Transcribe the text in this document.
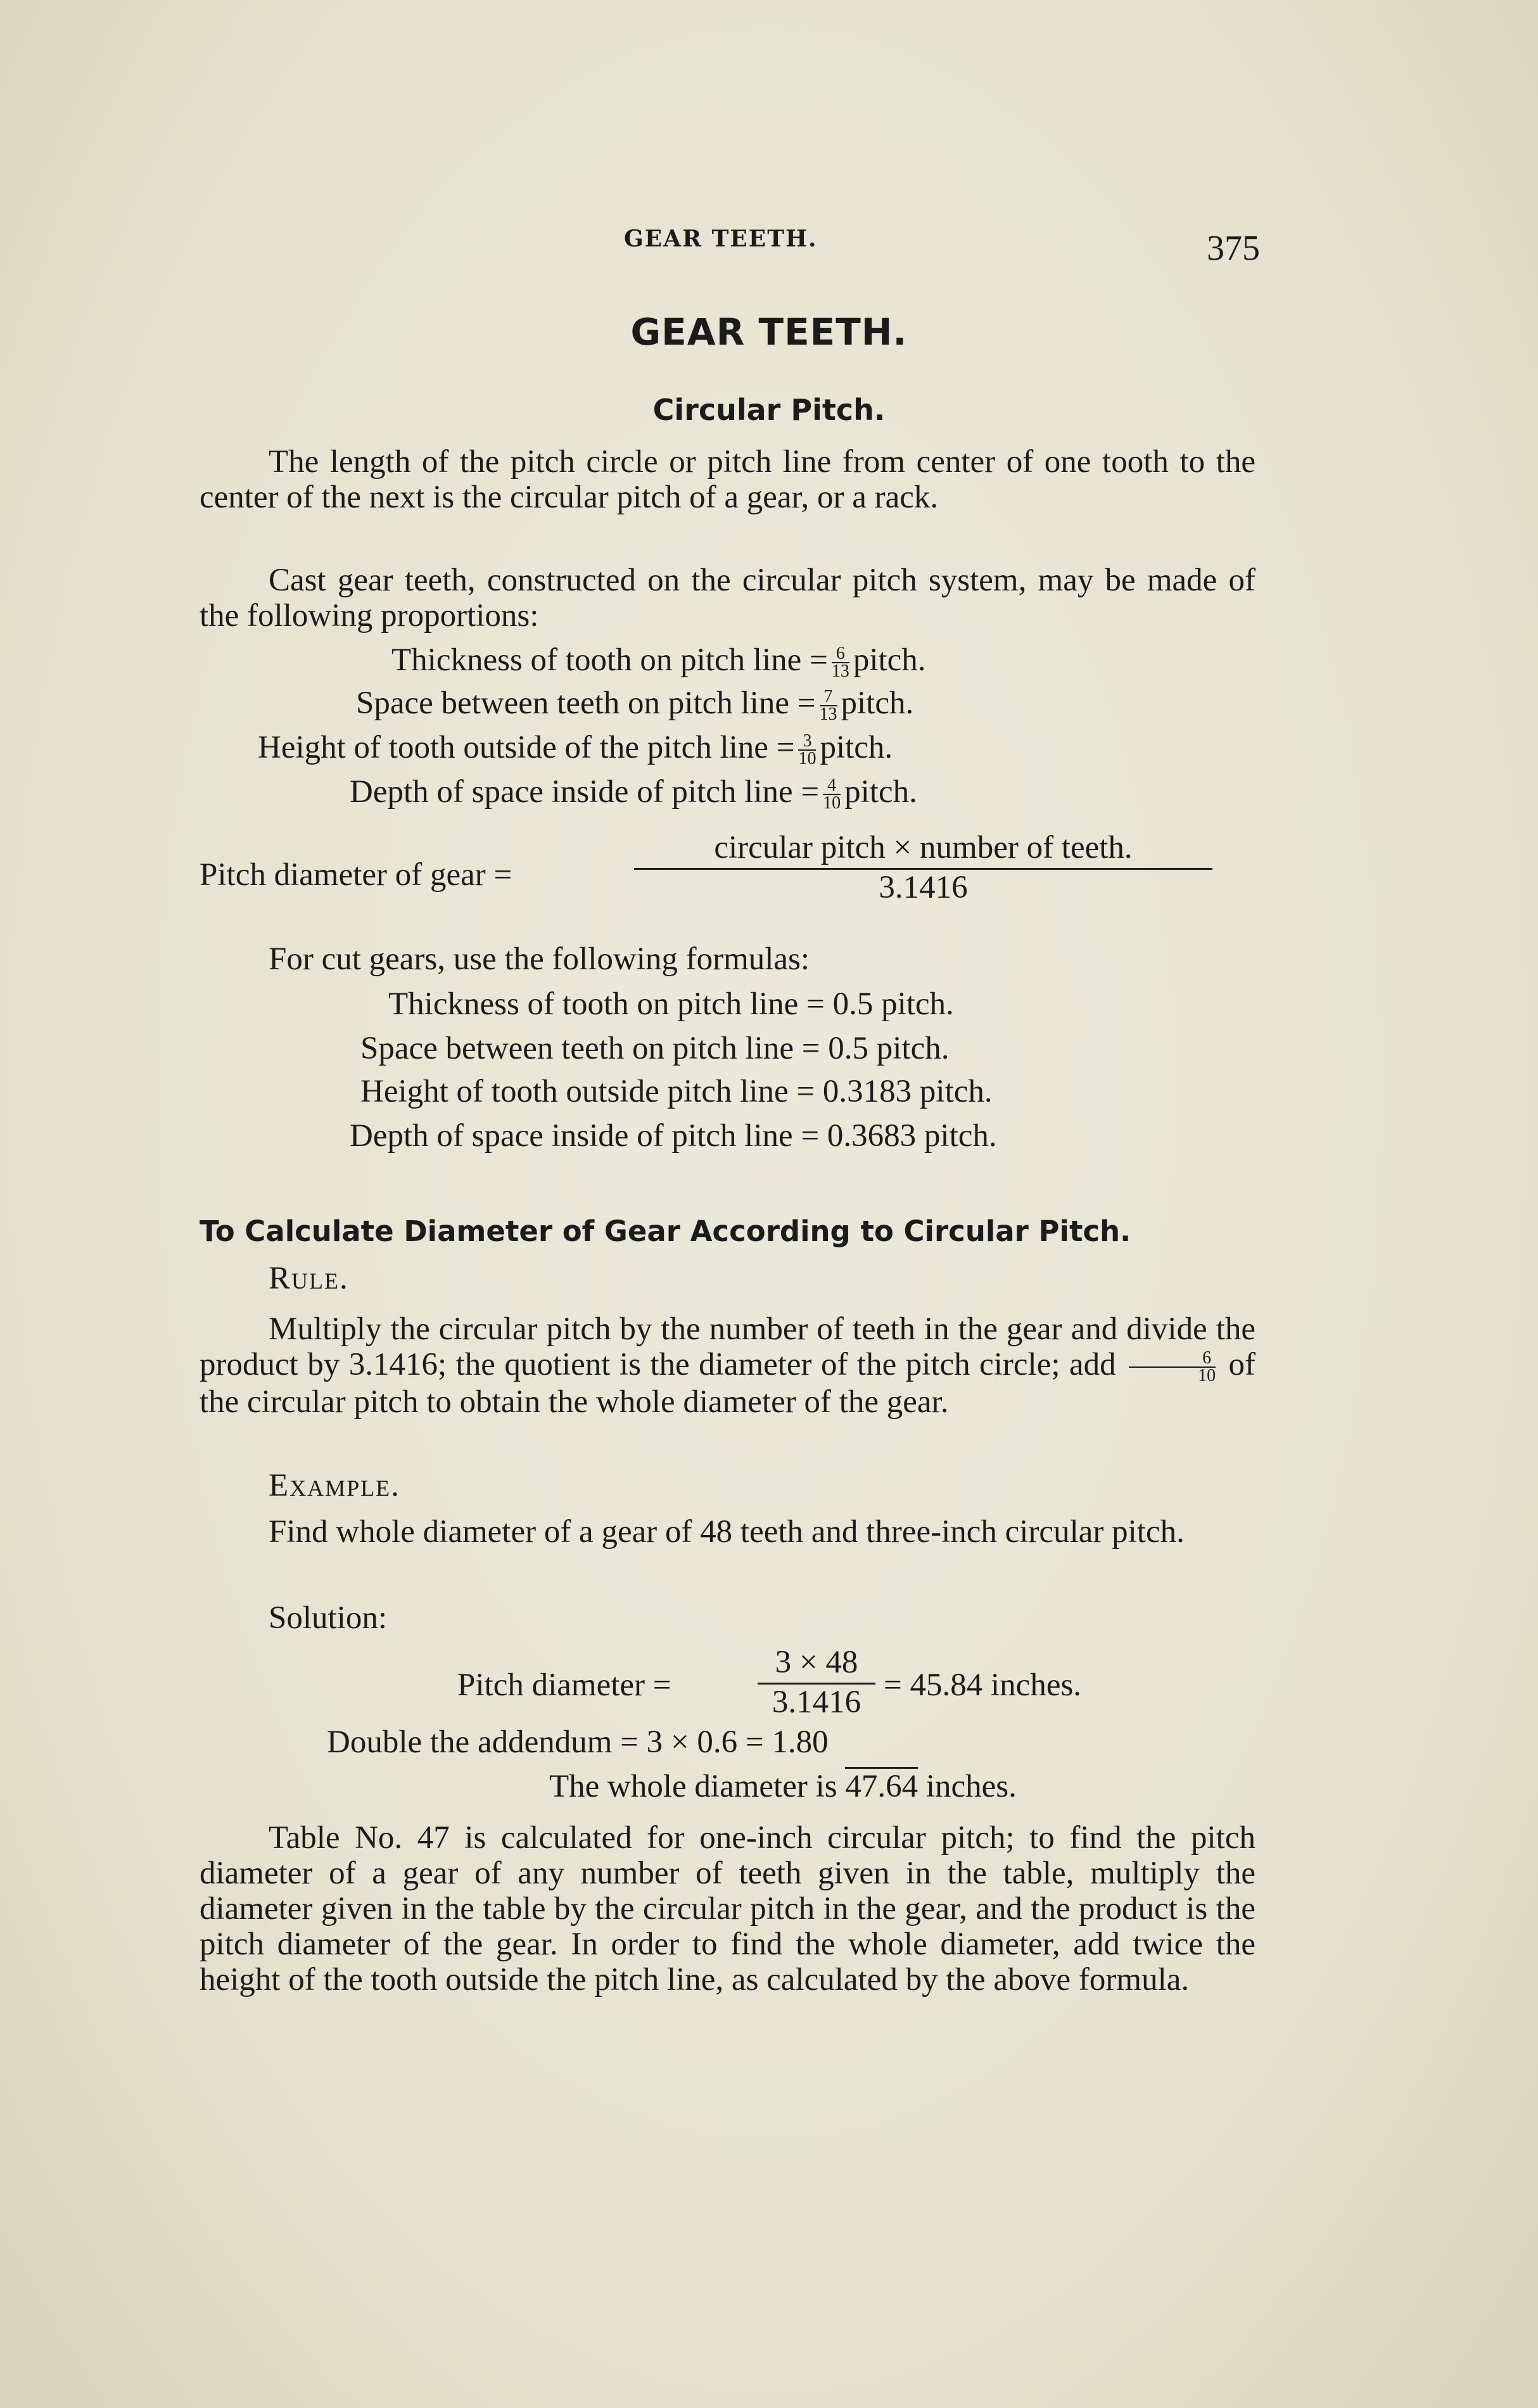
GEAR TEETH.	375
GEAR TEETH.
Circular Pitch.
The length of the pitch circle or pitch line from center of one tooth to the center of the next is the circular pitch of a gear, or a rack.
Cast gear teeth, constructed on the circular pitch system, may be made of the following proportions:
Thickness of tooth on pitch line = $\frac{6}{13}$ pitch.
Space between teeth on pitch line = $\frac{7}{13}$ pitch.
Height of tooth outside of the pitch line = $\frac{3}{10}$ pitch.
Depth of space inside of pitch line = $\frac{4}{10}$ pitch.
Pitch diameter of gear =
circular pitch × number of teeth.
3.1416
For cut gears, use the following formulas:
Thickness of tooth on pitch line = 0.5 pitch.
Space between teeth on pitch line = 0.5 pitch.
Height of tooth outside pitch line = 0.3183 pitch.
Depth of space inside of pitch line = 0.3683 pitch.
To Calculate Diameter of Gear According to Circular Pitch.
Rule.
Multiply the circular pitch by the number of teeth in the gear and divide the product by 3.1416; the quotient is the diameter of the pitch circle; add $\frac{6}{10}$ of the circular pitch to obtain the whole diameter of the gear.
Example.
Find whole diameter of a gear of 48 teeth and three-inch circular pitch.
Solution:
Pitch diameter =
3 × 48
3.1416 = 45.84 inches.
Double the addendum = 3 × 0.6 = 1.80
The whole diameter is 47.64 inches.
Table No. 47 is calculated for one-inch circular pitch; to find the pitch diameter of a gear of any number of teeth given in the table, multiply the diameter given in the table by the circular pitch in the gear, and the product is the pitch diameter of the gear. In order to find the whole diameter, add twice the height of the tooth outside the pitch line, as calculated by the above formula.
